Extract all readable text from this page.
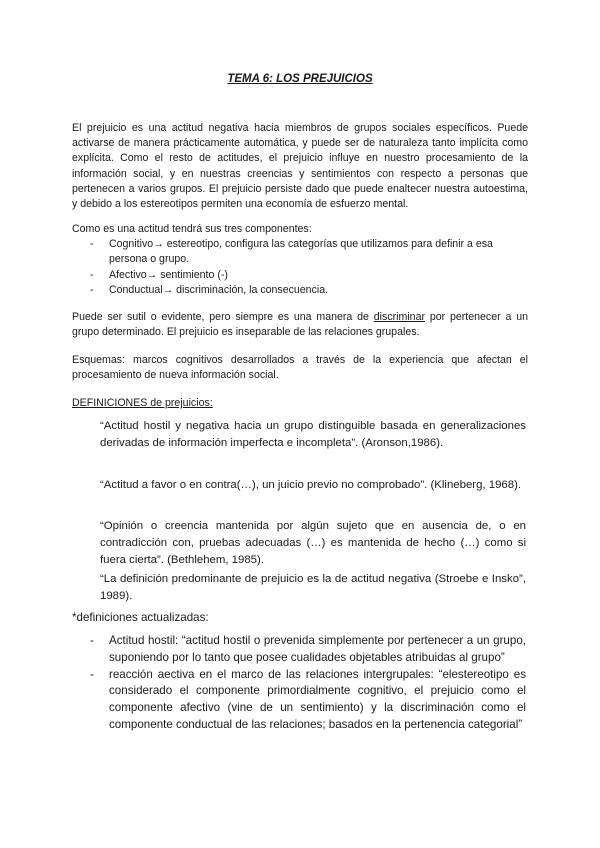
TEMA 6: LOS PREJUICIOS
El prejuicio es una actitud negativa hacia miembros de grupos sociales específicos. Puede activarse de manera prácticamente automática, y puede ser de naturaleza tanto implícita como explícita. Como el resto de actitudes, el prejuicio influye en nuestro procesamiento de la información social, y en nuestras creencias y sentimientos con respecto a personas que pertenecen a varios grupos. El prejuicio persiste dado que puede enaltecer nuestra autoestima, y debido a los estereotipos permiten una economía de esfuerzo mental.
Como es una actitud tendrá sus tres componentes:
- Cognitivo→ estereotipo, configura las categorías que utilizamos para definir a esa persona o grupo.
- Afectivo→ sentimiento (-)
- Conductual→ discriminación, la consecuencia.
Puede ser sutil o evidente, pero siempre es una manera de discriminar por pertenecer a un grupo determinado. El prejuicio es inseparable de las relaciones grupales.
Esquemas: marcos cognitivos desarrollados a través de la experiencia que afectan el procesamiento de nueva información social.
DEFINICIONES de prejuicios:
“Actitud hostil y negativa hacia un grupo distinguible basada en generalizaciones derivadas de información imperfecta e incompleta”. (Aronson,1986).
“Actitud a favor o en contra(…), un juicio previo no comprobado”. (Klineberg, 1968).
“Opinión o creencia mantenida por algún sujeto que en ausencia de, o en contradicción con, pruebas adecuadas (…) es mantenida de hecho (…) como si fuera cierta”. (Bethlehem, 1985).
“La definición predominante de prejuicio es la de actitud negativa (Stroebe e Insko”, 1989).
*definiciones actualizadas:
- Actitud hostil: “actitud hostil o prevenida simplemente por pertenecer a un grupo, suponiendo por lo tanto que posee cualidades objetables atribuidas al grupo”
- reacción aectiva en el marco de las relaciones intergrupales: “elestereotipo es considerado el componente primordialmente cognitivo, el prejuicio como el componente afectivo (vine de un sentimiento) y la discriminación como el componente conductual de las relaciones; basados en la pertenencia categorial”
